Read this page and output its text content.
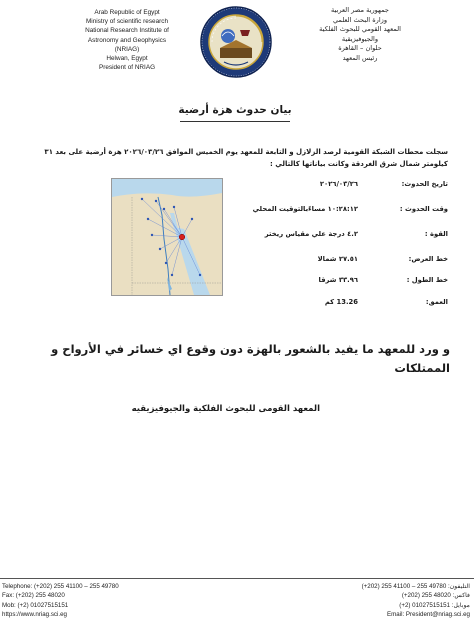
Arab Republic of Egypt
Ministry of scientific research
National Research Institute of
Astronomy and Geophysics
(NRIAG)
Helwan, Egypt
President of NRIAG
جمهورية مصر العربية
وزارة البحث العلمي
المعهد القومي للبحوث الفلكية
والجيوفيزيقية
حلوان – القاهرة
رئيس المعهد
بيان حدوث هزة أرضية
سجلت محطات الشبكة القومية لرصد الزلازل و التابعة للمعهد يوم الخميس الموافق ٢٠٢٦/٠٣/٢٦ هزة أرضية على بعد ٣١ كيلومتر شمال شرق الغردقة وكانت بياناتها كالتالي :
تاريخ الحدوث:
٢٠٢٦/٠٣/٢٦
وقت الحدوث :
١٠:٢٨:١٢ مساءًبالتوقيت المحلي
القوة :
٤.٢ درجة علي مقياس ريختر
خط العرض:
٢٧.٥١ شمالا
خط الطول :
٣٣.٩٦ شرقا
العمق:
13.26 كم
و ورد للمعهد ما يفيد بالشعور بالهزة دون وقوع اي خسائر في الأرواح و الممتلكات
المعهد القومى للبحوث الفلكية والجيوفيزيقيه
Telephone: (+202) 255 41100 – 255 49780
Fax: (+202) 255 48020
Mob: (+2) 01027515151
https://www.nriag.sci.eg
(+202) 255 41100 – 255 49780 :التليفون
(+202) 255 48020 :فاكس
(+2) 01027515151 :موبايل
Email: President@nriag.sci.eg
